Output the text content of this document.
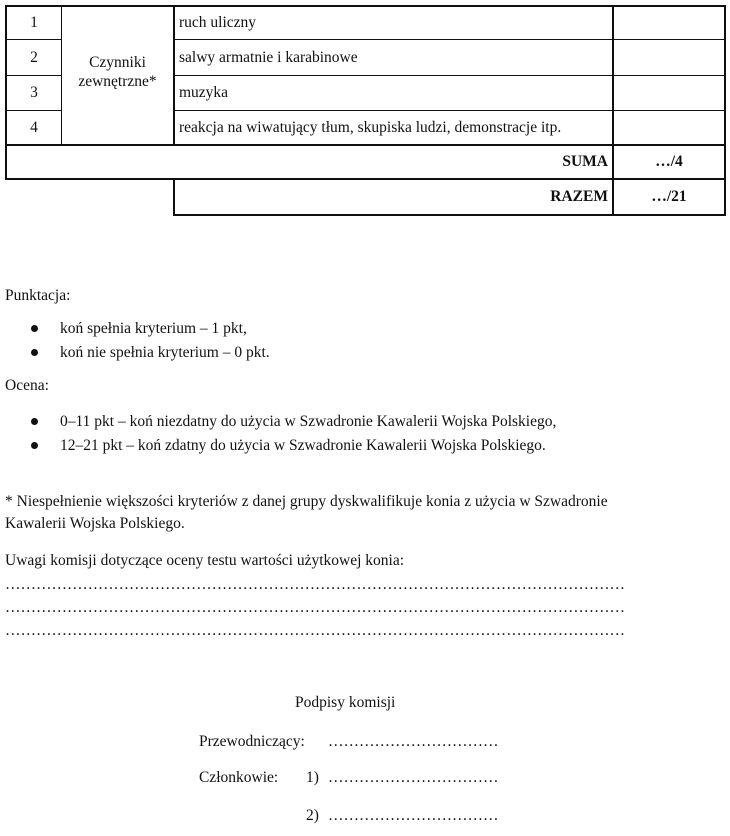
1
2
3
4
Czynniki
zewnętrzne*
ruch uliczny
salwy armatnie i karabinowe
muzyka
reakcja na wiwatujący tłum, skupiska ludzi, demonstracje itp.
SUMA	…/4
RAZEM	…/21
Punktacja:
koń spełnia kryterium – 1 pkt,
koń nie spełnia kryterium – 0 pkt.
Ocena:
0–11 pkt – koń niezdatny do użycia w Szwadronie Kawalerii Wojska Polskiego,
12–21 pkt – koń zdatny do użycia w Szwadronie Kawalerii Wojska Polskiego.
* Niespełnienie większości kryteriów z danej grupy dyskwalifikuje konia z użycia w Szwadronie
Kawalerii Wojska Polskiego.
Uwagi komisji dotyczące oceny testu wartości użytkowej konia:
…………………………………………………………………………………………………………
…………………………………………………………………………………………………………
…………………………………………………………………………………………………………
Podpisy komisji
Przewodniczący: ……………………………
Członkowie: 1) ……………………………
2) ……………………………
